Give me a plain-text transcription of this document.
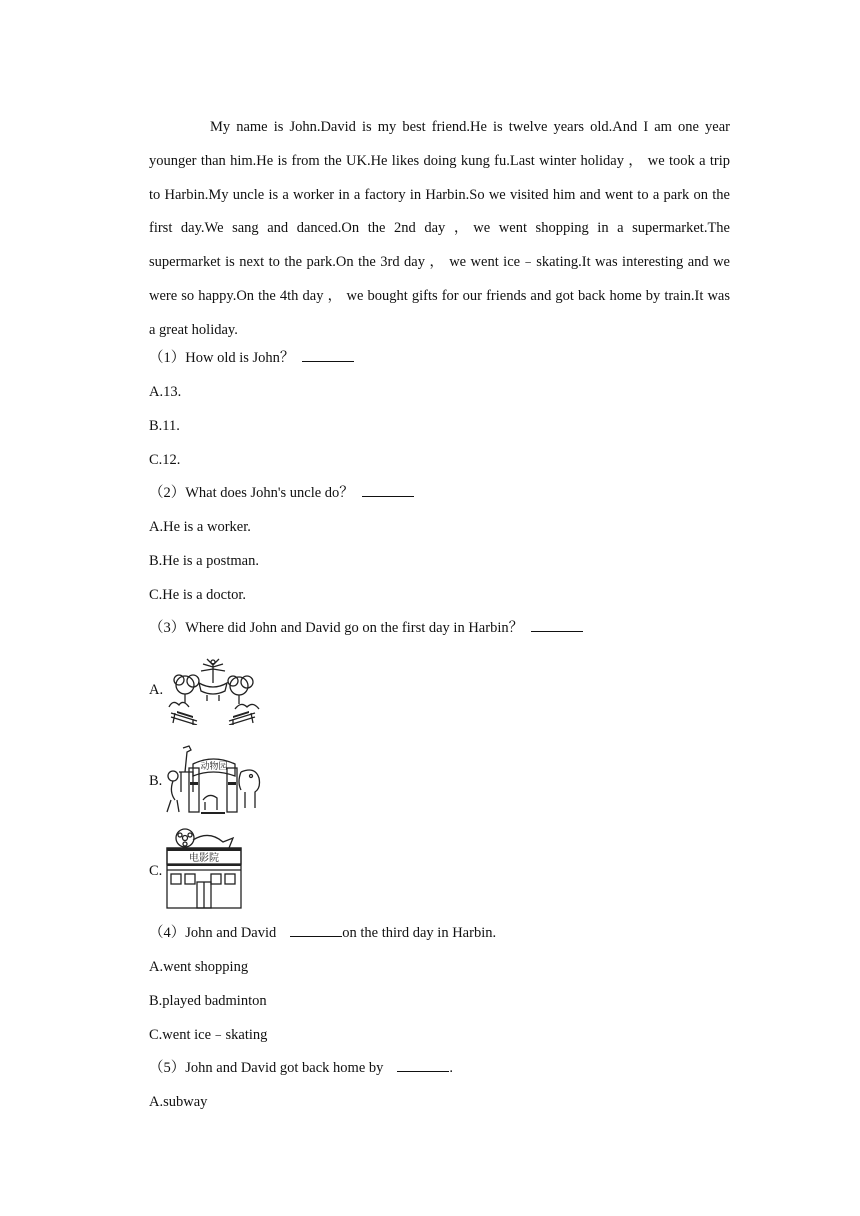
My name is John.David is my best friend.He is twelve years old.And I am one year younger than him.He is from the UK.He likes doing kung fu.Last winter holiday ， we took a trip to Harbin.My uncle is a worker in a factory in Harbin.So we visited him and went to a park on the first day.We sang and danced.On the 2nd day ，we went shopping in a supermarket.The supermarket is next to the park.On the 3rd day ， we went ice﹣skating.It was interesting and we were so happy.On the 4th day ， we bought gifts for our friends and got back home by train.It was a great holiday.
（1）How old is John？
A.13.
B.11.
C.12.
（2）What does John's uncle do？
A.He is a worker.
B.He is a postman.
C.He is a doctor.
（3）Where did John and David go on the first day in Harbin？
A.
B.
动物园
C.
电影院
（4）John and David	on the third day in Harbin.
A.went shopping
B.played badminton
C.went ice﹣skating
（5）John and David got back home by	.
A.subway
